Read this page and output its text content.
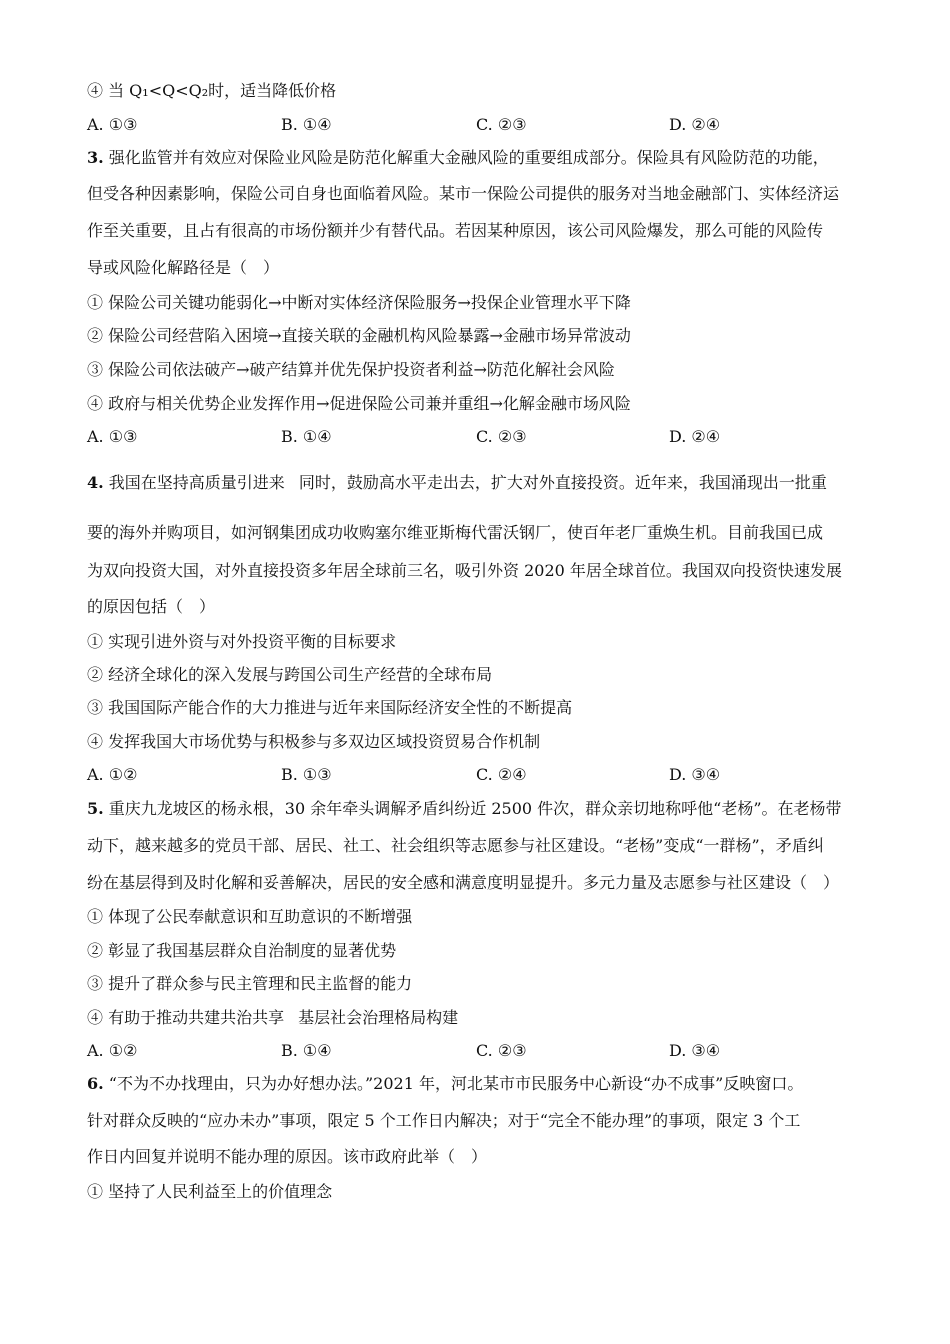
④ 当 Q₁<Q<Q₂时，适当降低价格
A. ①③	B. ①④	C. ②③	D. ②④
3. 强化监管并有效应对保险业风险是防范化解重大金融风险的重要组成部分。保险具有风险防范的功能，
但受各种因素影响，保险公司自身也面临着风险。某市一保险公司提供的服务对当地金融部门、实体经济运
作至关重要，且占有很高的市场份额并少有替代品。若因某种原因，该公司风险爆发，那么可能的风险传
导或风险化解路径是（　）
① 保险公司关键功能弱化→中断对实体经济保险服务→投保企业管理水平下降
② 保险公司经营陷入困境→直接关联的金融机构风险暴露→金融市场异常波动
③ 保险公司依法破产→破产结算并优先保护投资者利益→防范化解社会风险
④ 政府与相关优势企业发挥作用→促进保险公司兼并重组→化解金融市场风险
A. ①③	B. ①④	C. ②③	D. ②④
4. 我国在坚持高质量引进来 同时，鼓励高水平走出去，扩大对外直接投资。近年来，我国涌现出一批重
要的海外并购项目，如河钢集团成功收购塞尔维亚斯梅代雷沃钢厂，使百年老厂重焕生机。目前我国已成
为双向投资大国，对外直接投资多年居全球前三名，吸引外资 2020 年居全球首位。我国双向投资快速发展
的原因包括（　）
① 实现引进外资与对外投资平衡的目标要求
② 经济全球化的深入发展与跨国公司生产经营的全球布局
③ 我国国际产能合作的大力推进与近年来国际经济安全性的不断提高
④ 发挥我国大市场优势与积极参与多双边区域投资贸易合作机制
A. ①②	B. ①③	C. ②④	D. ③④
5. 重庆九龙坡区的杨永根，30 余年牵头调解矛盾纠纷近 2500 件次，群众亲切地称呼他“老杨”。在老杨带
动下，越来越多的党员干部、居民、社工、社会组织等志愿参与社区建设。“老杨”变成“一群杨”，矛盾纠
纷在基层得到及时化解和妥善解决，居民的安全感和满意度明显提升。多元力量及志愿参与社区建设（　）
① 体现了公民奉献意识和互助意识的不断增强
② 彰显了我国基层群众自治制度的显著优势
③ 提升了群众参与民主管理和民主监督的能力
④ 有助于推动共建共治共享 基层社会治理格局构建
A. ①②	B. ①④	C. ②③	D. ③④
6. “不为不办找理由，只为办好想办法。”2021 年，河北某市市民服务中心新设“办不成事”反映窗口。
针对群众反映的“应办未办”事项，限定 5 个工作日内解决；对于“完全不能办理”的事项，限定 3 个工
作日内回复并说明不能办理的原因。该市政府此举（　）
① 坚持了人民利益至上的价值理念
